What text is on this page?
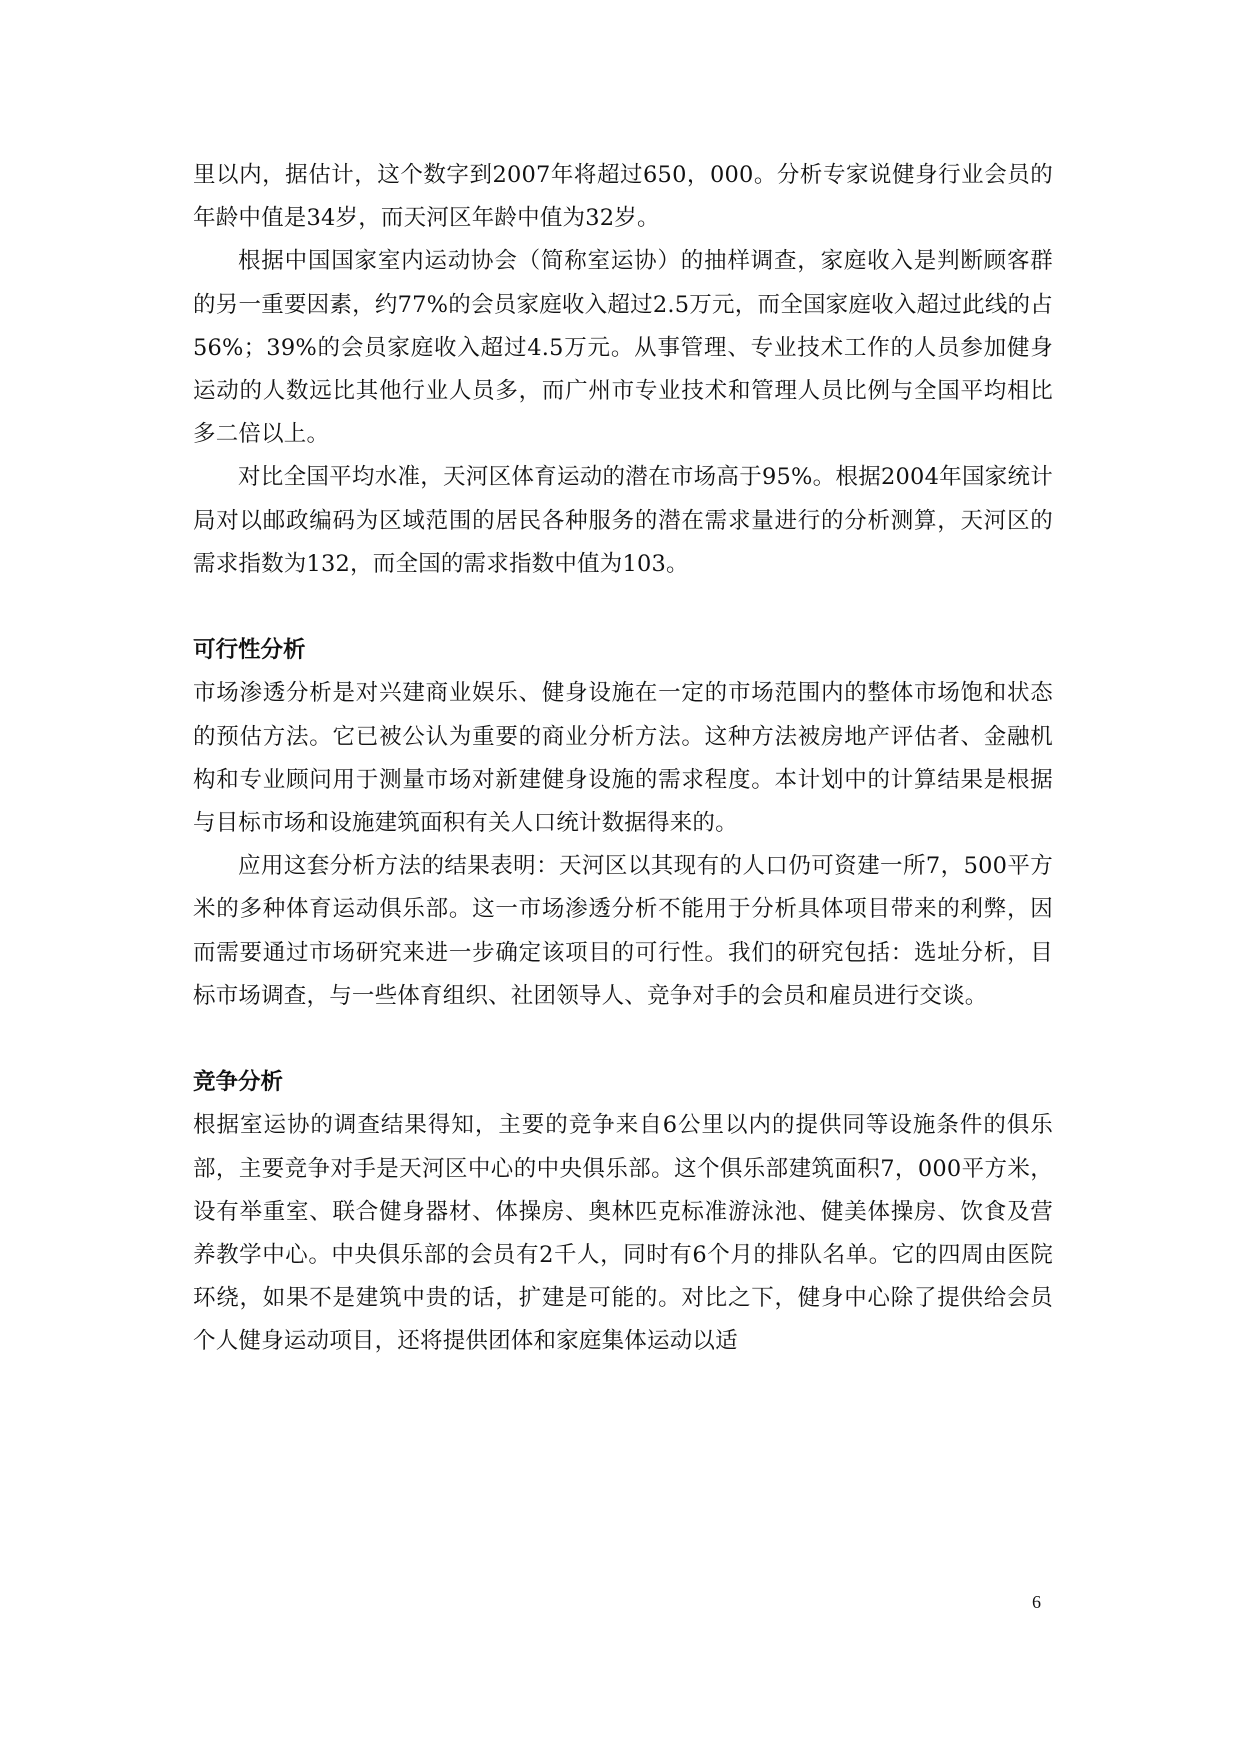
里以内，据估计，这个数字到2007年将超过650，000。分析专家说健身行业会员的年龄中值是34岁，而天河区年龄中值为32岁。

根据中国国家室内运动协会（简称室运协）的抽样调查，家庭收入是判断顾客群的另一重要因素，约77%的会员家庭收入超过2.5万元，而全国家庭收入超过此线的占56%；39%的会员家庭收入超过4.5万元。从事管理、专业技术工作的人员参加健身运动的人数远比其他行业人员多，而广州市专业技术和管理人员比例与全国平均相比多二倍以上。

对比全国平均水准，天河区体育运动的潜在市场高于95%。根据2004年国家统计局对以邮政编码为区域范围的居民各种服务的潜在需求量进行的分析测算，天河区的需求指数为132，而全国的需求指数中值为103。

可行性分析

市场渗透分析是对兴建商业娱乐、健身设施在一定的市场范围内的整体市场饱和状态的预估方法。它已被公认为重要的商业分析方法。这种方法被房地产评估者、金融机构和专业顾问用于测量市场对新建健身设施的需求程度。本计划中的计算结果是根据与目标市场和设施建筑面积有关人口统计数据得来的。

应用这套分析方法的结果表明：天河区以其现有的人口仍可资建一所7，500平方米的多种体育运动俱乐部。这一市场渗透分析不能用于分析具体项目带来的利弊，因而需要通过市场研究来进一步确定该项目的可行性。我们的研究包括：选址分析，目标市场调查，与一些体育组织、社团领导人、竞争对手的会员和雇员进行交谈。

竞争分析

根据室运协的调查结果得知，主要的竞争来自6公里以内的提供同等设施条件的俱乐部，主要竞争对手是天河区中心的中央俱乐部。这个俱乐部建筑面积7，000平方米，设有举重室、联合健身器材、体操房、奥林匹克标准游泳池、健美体操房、饮食及营养教学中心。中央俱乐部的会员有2千人，同时有6个月的排队名单。它的四周由医院环绕，如果不是建筑中贵的话，扩建是可能的。对比之下，健身中心除了提供给会员个人健身运动项目，还将提供团体和家庭集体运动以适

6
